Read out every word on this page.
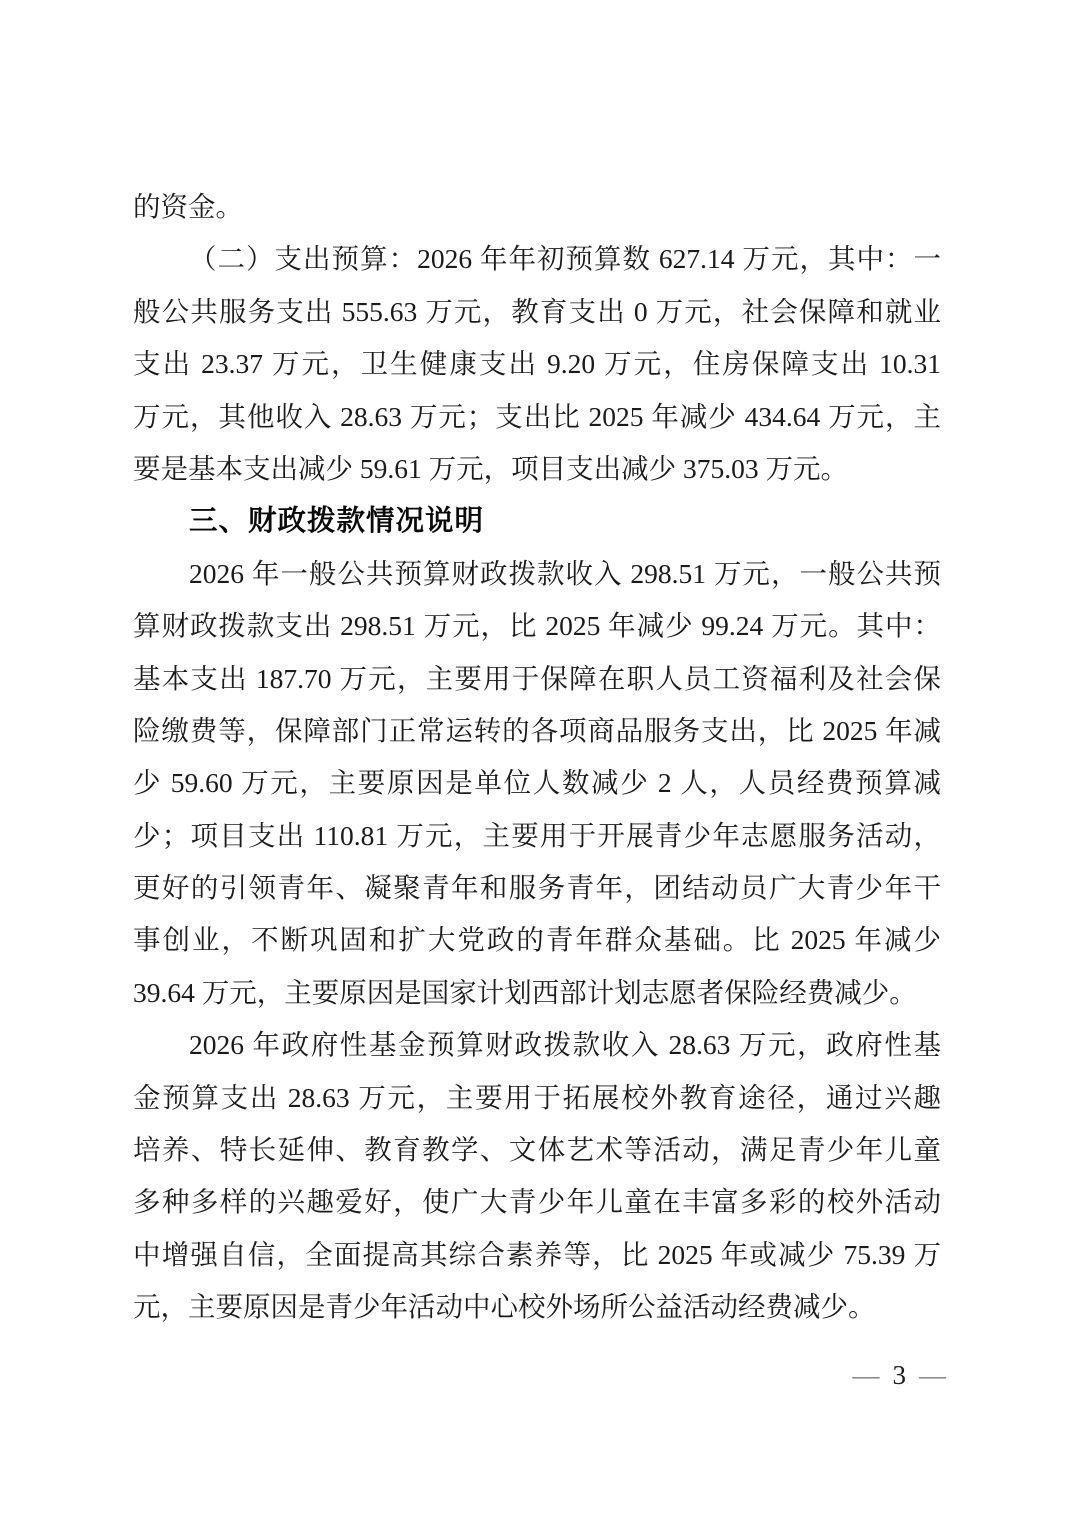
的资金。
（二）支出预算：2026 年年初预算数 627.14 万元，其中：一
般公共服务支出 555.63 万元，教育支出 0 万元，社会保障和就业
支出 23.37 万元，卫生健康支出 9.20 万元，住房保障支出 10.31
万元，其他收入 28.63 万元；支出比 2025 年减少 434.64 万元，主
要是基本支出减少 59.61 万元，项目支出减少 375.03 万元。
三、财政拨款情况说明
2026 年一般公共预算财政拨款收入 298.51 万元，一般公共预
算财政拨款支出 298.51 万元，比 2025 年减少 99.24 万元。其中：
基本支出 187.70 万元，主要用于保障在职人员工资福利及社会保
险缴费等，保障部门正常运转的各项商品服务支出，比 2025 年减
少 59.60 万元，主要原因是单位人数减少 2 人，人员经费预算减
少；项目支出 110.81 万元，主要用于开展青少年志愿服务活动，
更好的引领青年、凝聚青年和服务青年，团结动员广大青少年干
事创业，不断巩固和扩大党政的青年群众基础。比 2025 年减少
39.64 万元，主要原因是国家计划西部计划志愿者保险经费减少。
2026 年政府性基金预算财政拨款收入 28.63 万元，政府性基
金预算支出 28.63 万元，主要用于拓展校外教育途径，通过兴趣
培养、特长延伸、教育教学、文体艺术等活动，满足青少年儿童
多种多样的兴趣爱好，使广大青少年儿童在丰富多彩的校外活动
中增强自信，全面提高其综合素养等，比 2025 年或减少 75.39 万
元，主要原因是青少年活动中心校外场所公益活动经费减少。
— 3 —
